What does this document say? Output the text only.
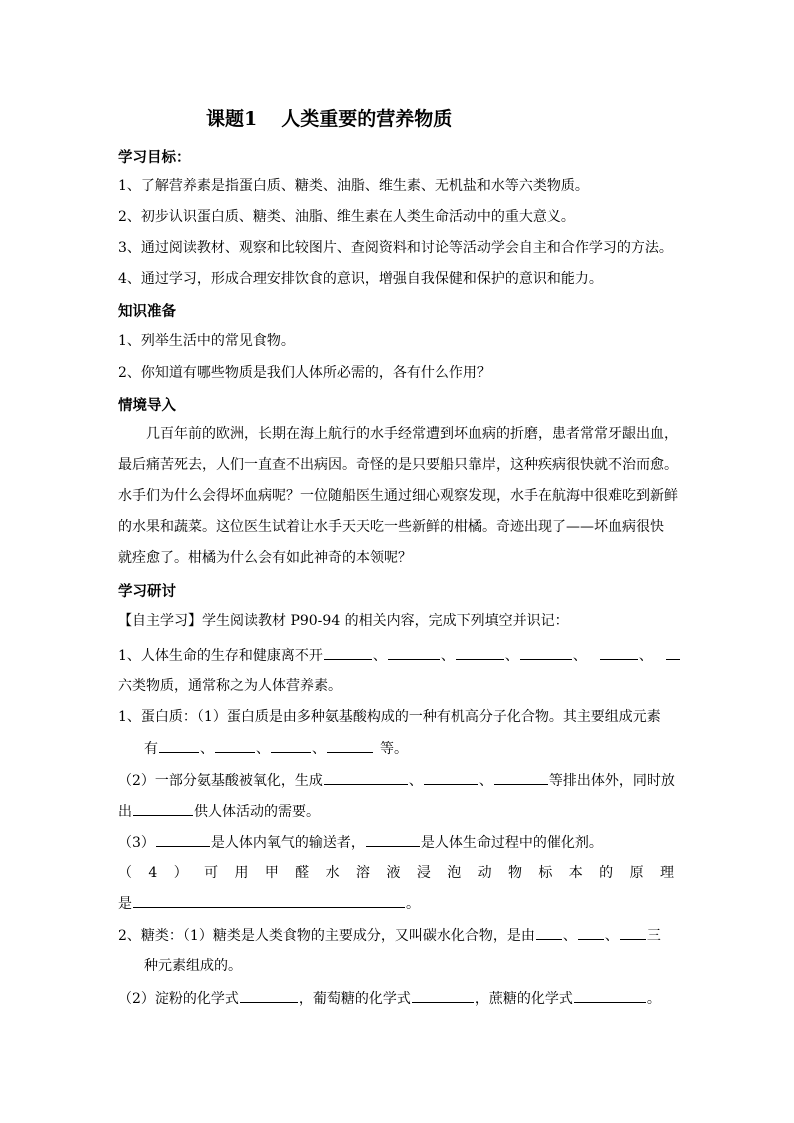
课题1 人类重要的营养物质
学习目标：
1、了解营养素是指蛋白质、糖类、油脂、维生素、无机盐和水等六类物质。
2、初步认识蛋白质、糖类、油脂、维生素在人类生命活动中的重大意义。
3、通过阅读教材、观察和比较图片、查阅资料和讨论等活动学会自主和合作学习的方法。
4、通过学习，形成合理安排饮食的意识，增强自我保健和保护的意识和能力。
知识准备
1、列举生活中的常见食物。
2、你知道有哪些物质是我们人体所必需的，各有什么作用？
情境导入
几百年前的欧洲，长期在海上航行的水手经常遭到坏血病的折磨，患者常常牙龈出血，
最后痛苦死去，人们一直查不出病因。奇怪的是只要船只靠岸，这种疾病很快就不治而愈。
水手们为什么会得坏血病呢？一位随船医生通过细心观察发现，水手在航海中很难吃到新鲜
的水果和蔬菜。这位医生试着让水手天天吃一些新鲜的柑橘。奇迹出现了——坏血病很快
就痊愈了。柑橘为什么会有如此神奇的本领呢？
学习研讨
【自主学习】学生阅读教材 P90-94 的相关内容，完成下列填空并识记：
1、人体生命的生存和健康离不开	、	、	、	、	、
六类物质，通常称之为人体营养素。
1、蛋白质：（1）蛋白质是由多种氨基酸构成的一种有机高分子化合物。其主要组成元素
有	、	、	、	等。
（2）一部分氨基酸被氧化，生成	、	、	等排出体外，同时放
出	供人体活动的需要。
（3）	是人体内氧气的输送者，	是人体生命过程中的催化剂。
（ 4 ） 可 用 甲 醛 水 溶 液 浸 泡 动 物 标 本 的 原 理
是	。
2、糖类：（1）糖类是人类食物的主要成分，又叫碳水化合物，是由 、 、 三
种元素组成的。
（2）淀粉的化学式	，葡萄糖的化学式	，蔗糖的化学式	。
